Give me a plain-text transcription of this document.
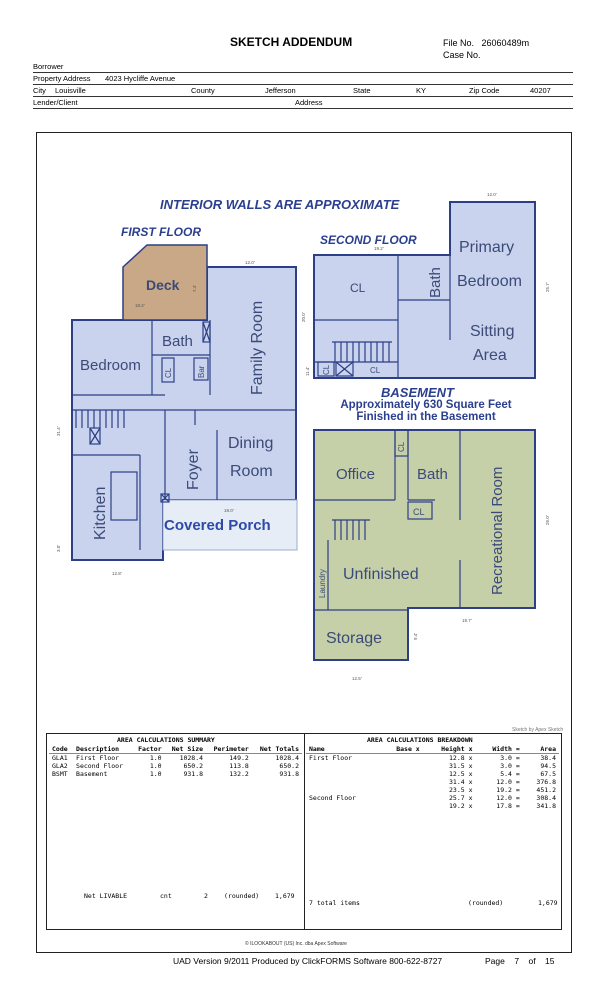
SKETCH ADDENDUM	File No. 26060489m
Case No.
Borrower
Property Address 4023 Hycliffe Avenue
City Louisville	County	Jefferson	State	KY	Zip Code	40207
Lender/Client	Address
INTERIOR WALLS ARE APPROXIMATE
FIRST FLOOR
SECOND FLOOR
BASEMENT
Approximately 630 Square Feet
Finished in the Basement
Deck
Bath
Bedroom	Family Room
CL	Bar
Dining
Room
Foyer
Kitchen	Covered Porch
CL	Bath
Primary
Bedroom
Sitting
Area
CL	CL
Office
CL
Bath
CL	Recreational Room
Unfinished
Laundry
Storage
12.0'
19.2'
7.4'
31.4'
3.0'
12.8'
19.0'
20.0'
12.0'
19.2'
25.7'
11.4'
26.0'
19.7'
9.4'
12.5'
Sketch by Apex Sketch
AREA CALCULATIONS SUMMARY
Code	Description	Factor	Net Size	Perimeter	Net Totals
GLA1	First Floor	1.0	1028.4	149.2	1028.4
GLA2	Second Floor	1.0	650.2	113.8	650.2
BSMT	Basement	1.0	931.8	132.2	931.8
Net LIVABLE	cnt	2 (rounded) 1,679
AREA CALCULATIONS BREAKDOWN
Name	Base x	Height x	Width =	Area
First Floor		12.8 x	3.0 =	38.4
		31.5 x	3.0 =	94.5
		12.5 x	5.4 =	67.5
		31.4 x	12.0 =	376.8
		23.5 x	19.2 =	451.2
Second Floor		25.7 x	12.0 =	308.4
		19.2 x	17.8 =	341.8
7 total items	(rounded)	1,679
© ILOOKABOUT (US) Inc. dba Apex Software
UAD Version 9/2011 Produced by ClickFORMS Software 800-622-8727	Page 7 of 15
